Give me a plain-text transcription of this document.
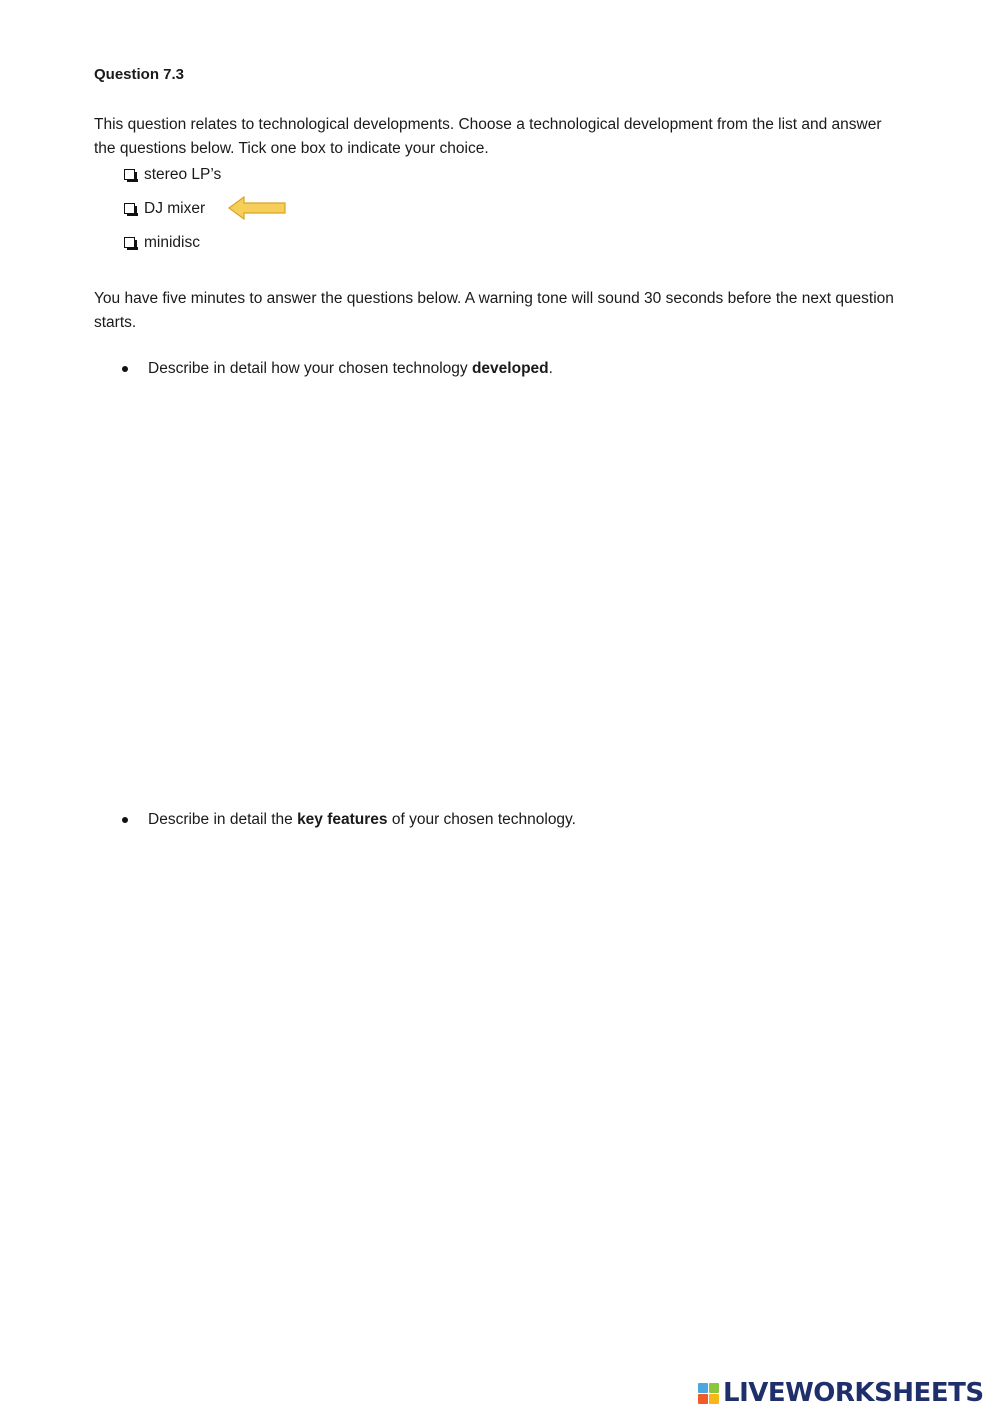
Question 7.3
This question relates to technological developments. Choose a technological development from the list and answer the questions below. Tick one box to indicate your choice.
stereo LP’s
DJ mixer
minidisc
You have five minutes to answer the questions below. A warning tone will sound 30 seconds before the next question starts.
Describe in detail how your chosen technology developed.
Describe in detail the key features of your chosen technology.
LIVEWORKSHEETS
